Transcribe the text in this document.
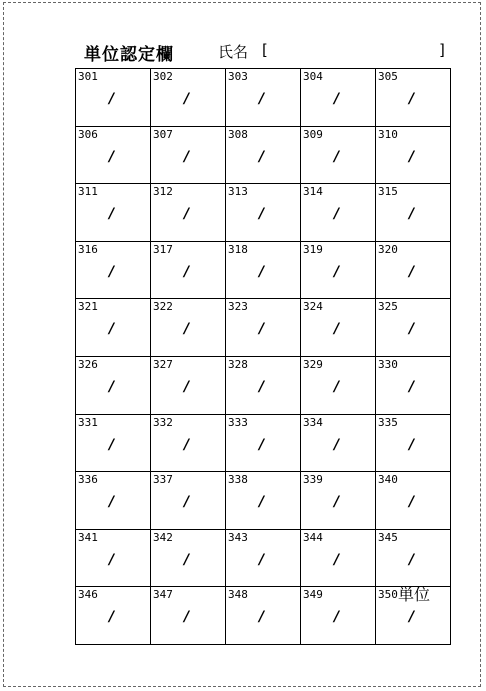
単位認定欄	氏名 [	]
301
/
302
/
303
/
304
/
305
/
306
/
307
/
308
/
309
/
310
/
311
/
312
/
313
/
314
/
315
/
316
/
317
/
318
/
319
/
320
/
321
/
322
/
323
/
324
/
325
/
326
/
327
/
328
/
329
/
330
/
331
/
332
/
333
/
334
/
335
/
336
/
337
/
338
/
339
/
340
/
341
/
342
/
343
/
344
/
345
/
346
/
347
/
348
/
349
/
350 単位
/
